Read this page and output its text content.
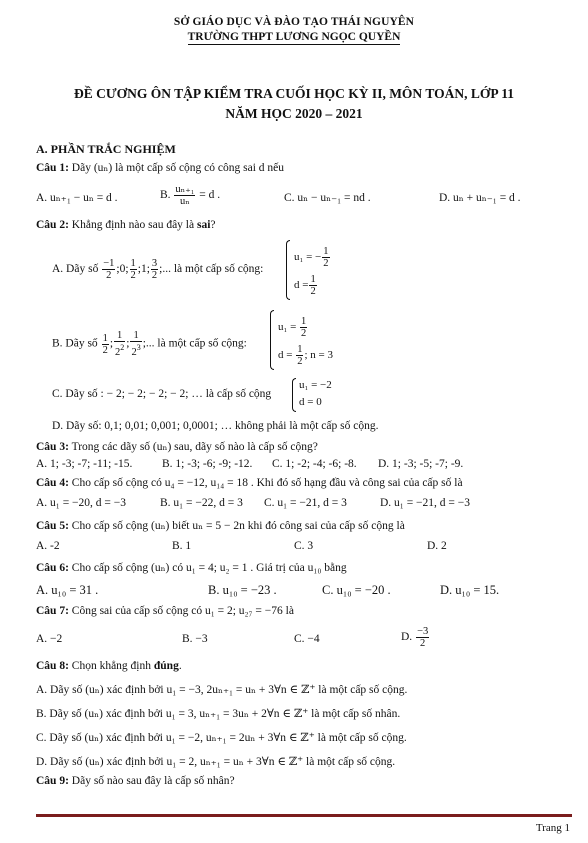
SỞ GIÁO DỤC VÀ ĐÀO TẠO THÁI NGUYÊN
TRƯỜNG THPT LƯƠNG NGỌC QUYỀN
ĐỀ CƯƠNG ÔN TẬP KIỂM TRA CUỐI HỌC KỲ II, MÔN TOÁN, LỚP 11
NĂM HỌC 2020 – 2021
A. PHẦN TRẮC NGHIỆM
Câu 1: Dãy (uₙ) là một cấp số cộng có công sai d nếu
A. uₙ₊₁ − uₙ = d .	B. $\frac{\text{uₙ₊₁}}{\text{uₙ}} = d$ .	C. uₙ − uₙ₋₁ = nd .	D. uₙ + uₙ₋₁ = d .
Câu 2: Khẳng định nào sau đây là sai?
A. Dãy số $\frac{-1}{2}$ ;0; $\frac{1}{2}$ ;1; $\frac{3}{2}$ ;... là một cấp số cộng:
u₁ = − $\frac{1}{2}$
$d = \frac{1}{2}$
B. Dãy số $\frac{1}{2}$ ; $\frac{1}{2^2}$ ; $\frac{1}{2^3}$ ;... là một cấp số cộng:
$u_1 = \frac{1}{2}$
$d = \frac{1}{2}$ ; n = 3
C. Dãy số : − 2; − 2; − 2; − 2; … là cấp số cộng
u₁ = −2
d = 0
D. Dãy số: 0,1; 0,01; 0,001; 0,0001; … không phải là một cấp số cộng.
Câu 3: Trong các dãy số (uₙ) sau, dãy số nào là cấp số cộng?
A. 1; -3; -7; -11; -15.	B. 1; -3; -6; -9; -12. C. 1; -2; -4; -6; -8. D. 1; -3; -5; -7; -9.
Câu 4: Cho cấp số cộng có u₄ = −12, u₁₄ = 18 . Khi đó số hạng đầu và công sai của cấp số là
A. u₁ = −20, d = −3	B. u₁ = −22, d = 3 C. u₁ = −21, d = 3	D. u₁ = −21, d = −3
Câu 5: Cho cấp số cộng (uₙ) biết uₙ = 5 − 2n khi đó công sai của cấp số cộng là
A. -2	B. 1	C. 3	D. 2
Câu 6: Cho cấp số cộng (uₙ) có u₁ = 4; u₂ = 1 . Giá trị của u₁₀ bằng
A. u₁₀ = 31 .	B. u₁₀ = −23 .	C. u₁₀ = −20 .	D. u₁₀ = 15.
Câu 7: Công sai của cấp số cộng có u₁ = 2; u₂₇ = −76 là
A. −2	B. −3	C. −4	D. $\frac{-3}{2}$
Câu 8: Chọn khẳng định đúng.
A. Dãy số (uₙ) xác định bởi u₁ = −3, 2uₙ₊₁ = uₙ + 3∀n ∈ ℤ⁺ là một cấp số cộng.
B. Dãy số (uₙ) xác định bởi u₁ = 3, uₙ₊₁ = 3uₙ + 2∀n ∈ ℤ⁺ là một cấp số nhân.
C. Dãy số (uₙ) xác định bởi u₁ = −2, uₙ₊₁ = 2uₙ + 3∀n ∈ ℤ⁺ là một cấp số cộng.
D. Dãy số (uₙ) xác định bởi u₁ = 2, uₙ₊₁ = uₙ + 3∀n ∈ ℤ⁺ là một cấp số cộng.
Câu 9: Dãy số nào sau đây là cấp số nhân?
Trang 1
